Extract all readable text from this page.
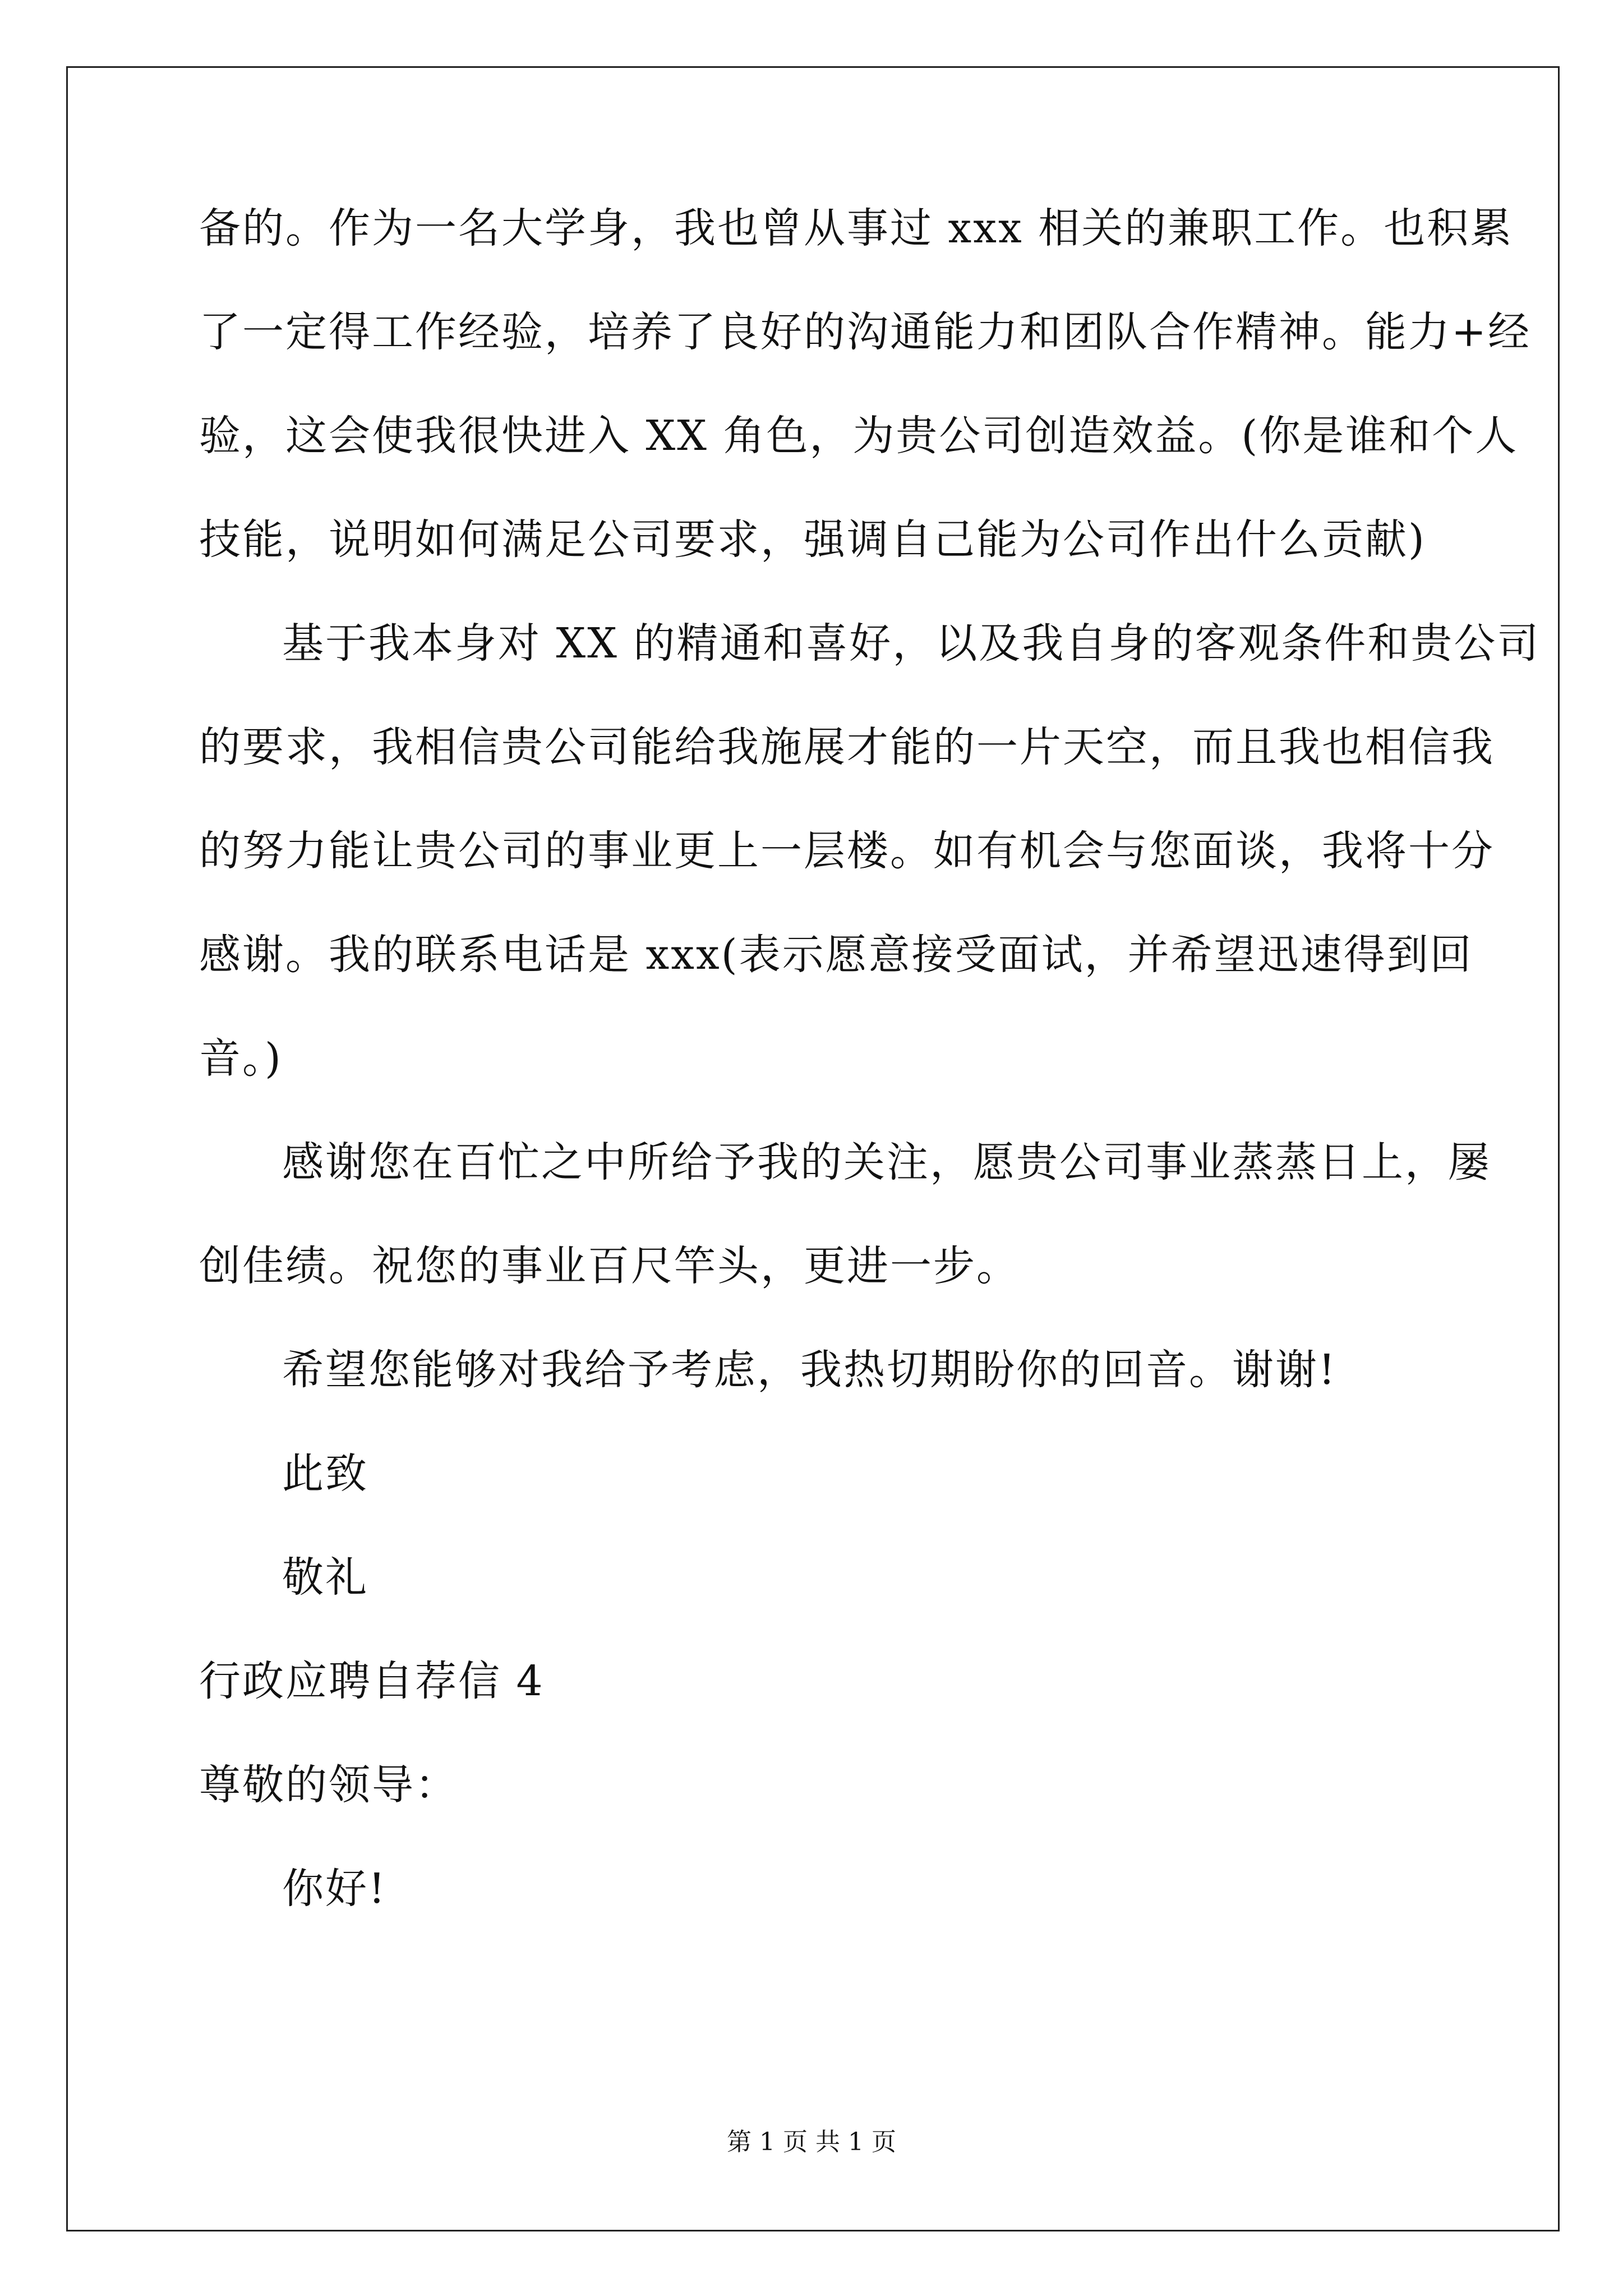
备的。作为一名大学身，我也曾从事过 xxx 相关的兼职工作。也积累
了一定得工作经验，培养了良好的沟通能力和团队合作精神。能力+经
验，这会使我很快进入 XX 角色，为贵公司创造效益。(你是谁和个人
技能，说明如何满足公司要求，强调自己能为公司作出什么贡献)
基于我本身对 XX 的精通和喜好，以及我自身的客观条件和贵公司
的要求，我相信贵公司能给我施展才能的一片天空，而且我也相信我
的努力能让贵公司的事业更上一层楼。如有机会与您面谈，我将十分
感谢。我的联系电话是 xxx(表示愿意接受面试，并希望迅速得到回
音。)
感谢您在百忙之中所给予我的关注，愿贵公司事业蒸蒸日上，屡
创佳绩。祝您的事业百尺竿头，更进一步。
希望您能够对我给予考虑，我热切期盼你的回音。谢谢!
此致
敬礼
行政应聘自荐信 4
尊敬的领导：
你好!
第 1 页 共 1 页
